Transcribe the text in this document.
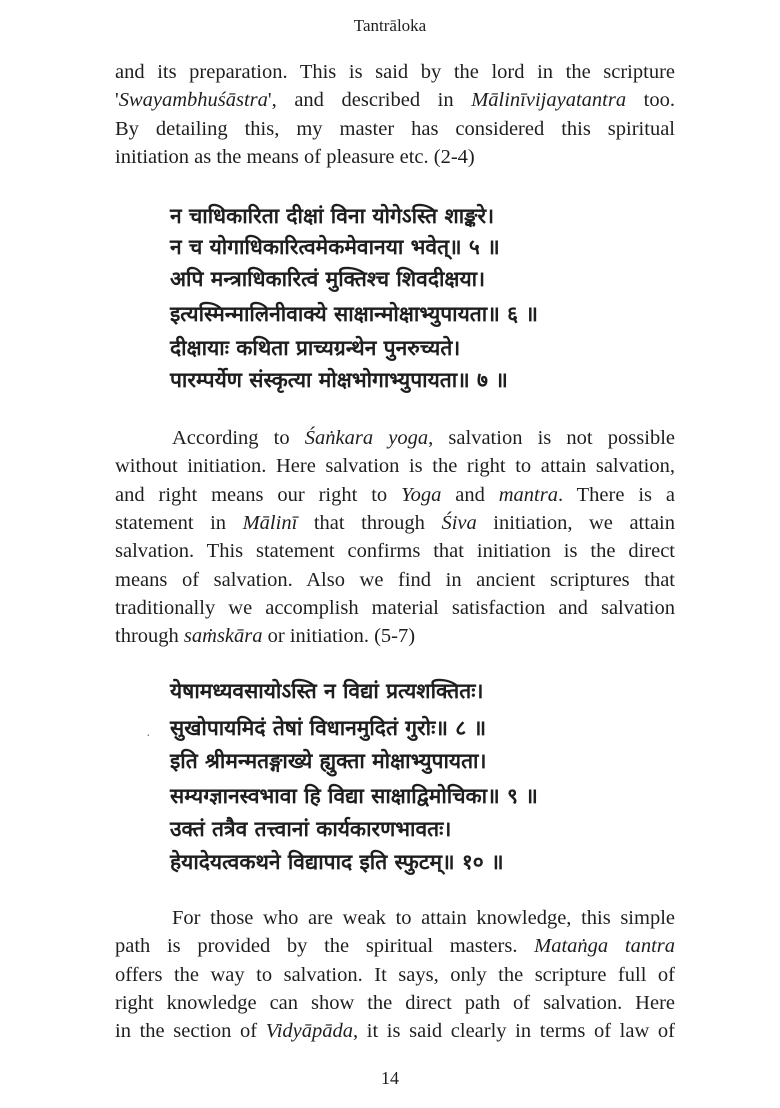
Tantrāloka
and its preparation. This is said by the lord in the scripture
'Swayambhuśāstra', and described in Mālinīvijayatantra too.
By detailing this, my master has considered this spiritual
initiation as the means of pleasure etc. (2-4)
According to Śaṅkara yoga, salvation is not possible
without initiation. Here salvation is the right to attain salvation,
and right means our right to Yoga and mantra. There is a
statement in Mālinī that through Śiva initiation, we attain
salvation. This statement confirms that initiation is the direct
means of salvation. Also we find in ancient scriptures that
traditionally we accomplish material satisfaction and salvation
through saṁskāra or initiation. (5-7)
For those who are weak to attain knowledge, this simple
path is provided by the spiritual masters. Mataṅga tantra
offers the way to salvation. It says, only the scripture full of
right knowledge can show the direct path of salvation. Here
in the section of Vidyāpāda, it is said clearly in terms of law of
न चाधिकारिता दीक्षां विना योगेऽस्ति शाङ्करे।
न च योगाधिकारित्वमेकमेवानया भवेत्॥ ५ ॥
अपि मन्त्राधिकारित्वं मुक्तिश्च शिवदीक्षया।
इत्यस्मिन्मालिनीवाक्ये साक्षान्मोक्षाभ्युपायता॥ ६ ॥
दीक्षायाः कथिता प्राच्यग्रन्थेन पुनरुच्यते।
पारम्पर्येण संस्कृत्या मोक्षभोगाभ्युपायता॥ ७ ॥
येषामध्यवसायोऽस्ति न विद्यां प्रत्यशक्तितः।
सुखोपायमिदं तेषां विधानमुदितं गुरोः॥ ८ ॥
इति श्रीमन्मतङ्गाख्ये ह्युक्ता मोक्षाभ्युपायता।
सम्यग्ज्ञानस्वभावा हि विद्या साक्षाद्विमोचिका॥ ९ ॥
उक्तं तत्रैव तत्त्वानां कार्यकारणभावतः।
हेयादेयत्वकथने विद्यापाद इति स्फुटम्॥ १० ॥
·
14
